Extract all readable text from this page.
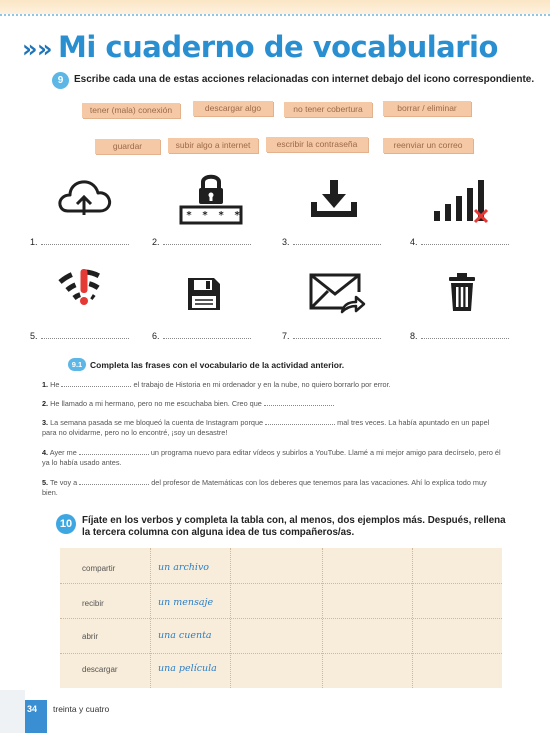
»» Mi cuaderno de vocabulario
9	Escribe cada una de estas acciones relacionadas con internet debajo del icono correspondiente.
tener (mala) conexión	descargar algo	no tener cobertura	borrar / eliminar
guardar	subir algo a internet	escribir la contraseña	reenviar un correo
* * * *
1.	2.	3.	4.
5.	6.	7.	8.
9.1 Completa las frases con el vocabulario de la actividad anterior.
1. He	el trabajo de Historia en mi ordenador y en la nube, no quiero borrarlo por error.
2. He llamado a mi hermano, pero no me escuchaba bien. Creo que
3. La semana pasada se me bloqueó la cuenta de Instagram porque	mal tres veces. La había apuntado en un papel para no olvidarme, pero no lo encontré, ¡soy un desastre!
4. Ayer me	un programa nuevo para editar vídeos y subirlos a YouTube. Llamé a mi mejor amigo para decírselo, pero él ya lo había usado antes.
5. Te voy a	del profesor de Matemáticas con los deberes que tenemos para las vacaciones. Ahí lo explica todo muy bien.
10	Fíjate en los verbos y completa la tabla con, al menos, dos ejemplos más. Después, rellena la tercera columna con alguna idea de tus compañeros/as.
compartir	un archivo
recibir	un mensaje
abrir	una cuenta
descargar	una película
34 treinta y cuatro
